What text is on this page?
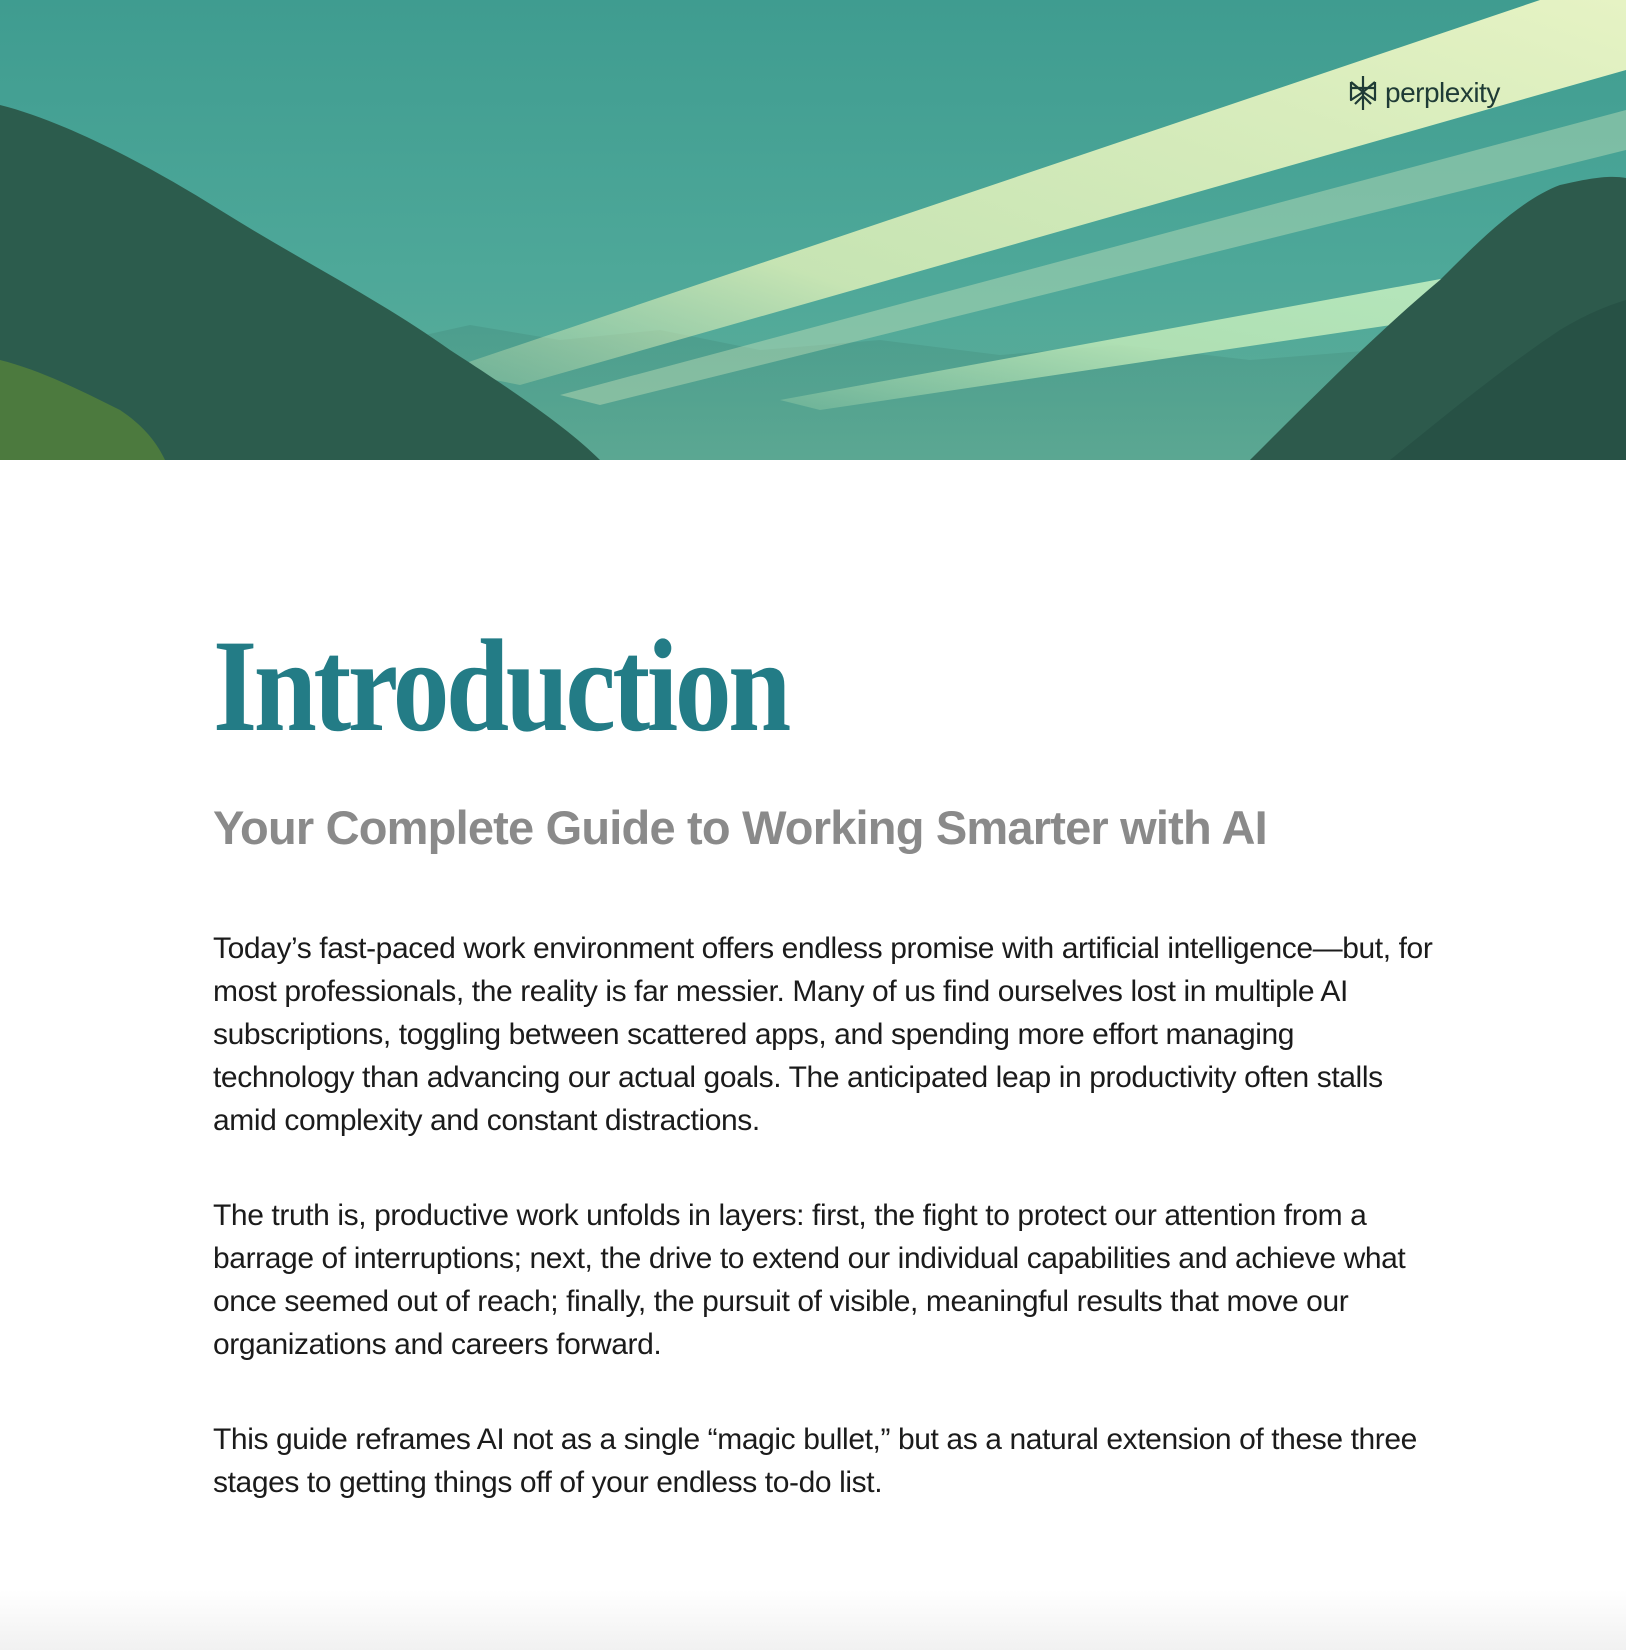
perplexity
Introduction
Your Complete Guide to Working Smarter with AI

Today’s fast-paced work environment offers endless promise with artificial intelligence—but, for most professionals, the reality is far messier. Many of us find ourselves lost in multiple AI subscriptions, toggling between scattered apps, and spending more effort managing technology than advancing our actual goals. The anticipated leap in productivity often stalls amid complexity and constant distractions.

The truth is, productive work unfolds in layers: first, the fight to protect our attention from a barrage of interruptions; next, the drive to extend our individual capabilities and achieve what once seemed out of reach; finally, the pursuit of visible, meaningful results that move our organizations and careers forward.

This guide reframes AI not as a single “magic bullet,” but as a natural extension of these three stages to getting things off of your endless to-do list.
